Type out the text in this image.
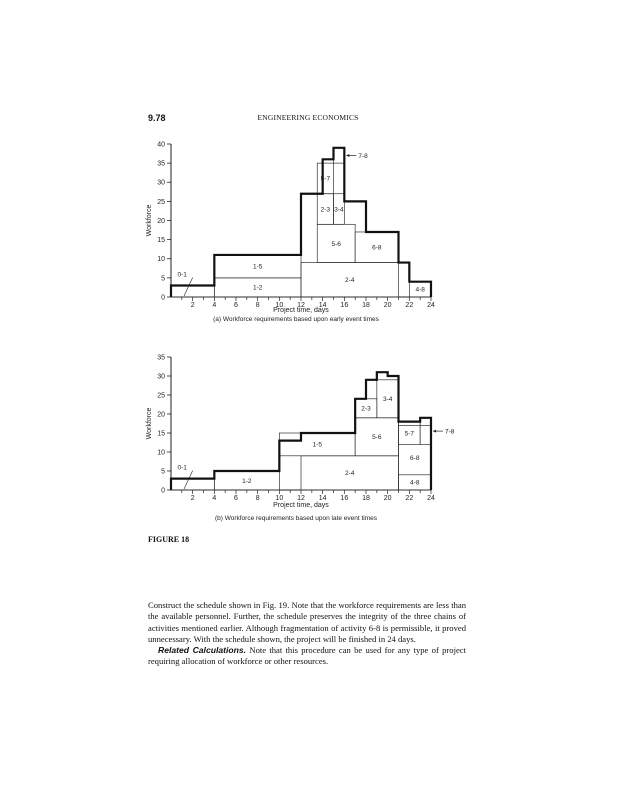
9.78	ENGINEERING ECONOMICS
0
5
10
15
20
25
30
35
40
2	4	6	8 10 12 14 16 18 20 22 24
Workforce
Project time, days
(a) Workforce requirements based upon early event times
0-1
1-2
1-5
2-4
5-6
6-8
2-3 3-4
5-7
7-8
4-8
0
5
10
15
20
25
30
35
2	4	6	8 10 12 14 16 18 20 22 24
Workforce
Project time, days
(b) Workforce requirements based upon late event times
0-1
1-2
1-5
2-4
5-6
2-3
3-4
6-8
4-8
5-7	7-8
FIGURE 18

Construct the schedule shown in Fig. 19. Note that the workforce requirements are less than the available personnel. Further, the schedule preserves the integrity of the three chains of activities mentioned earlier. Although fragmentation of activity 6-8 is permissible, it proved unnecessary. With the schedule shown, the project will be finished in 24 days.

Related Calculations. Note that this procedure can be used for any type of project requiring allocation of workforce or other resources.
